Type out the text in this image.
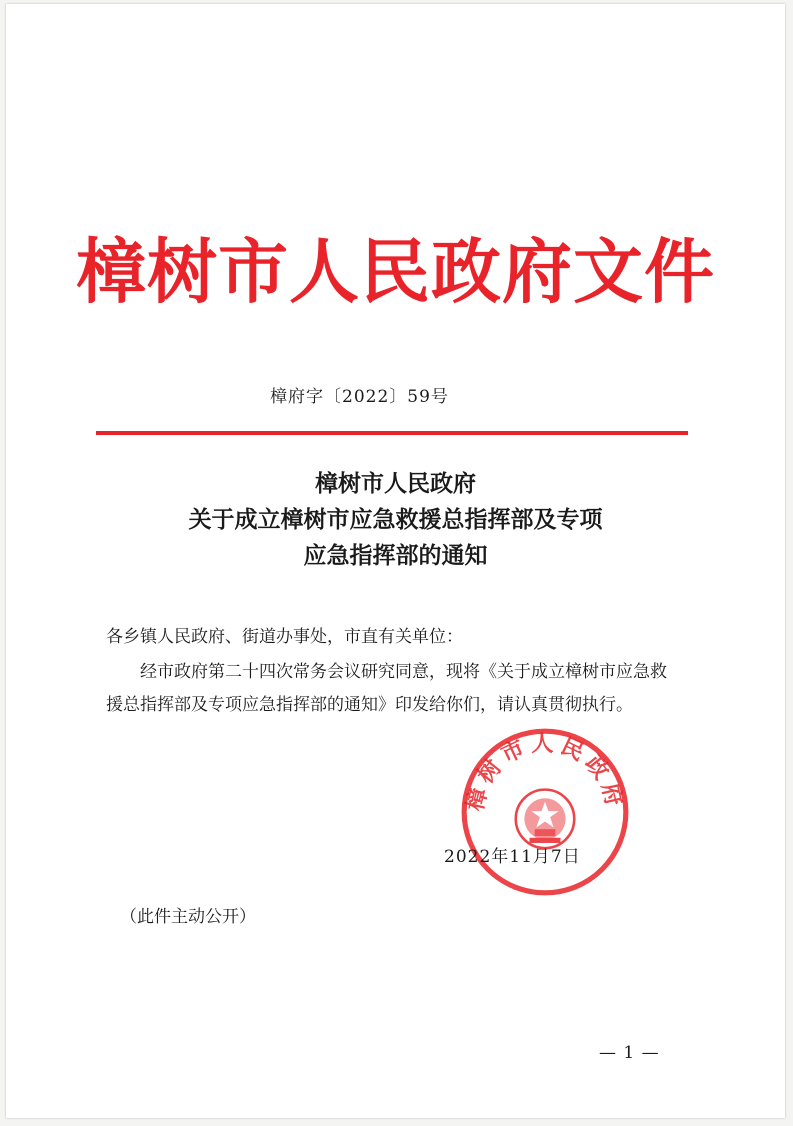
樟树市人民政府文件
樟府字〔2022〕59号
樟树市人民政府
关于成立樟树市应急救援总指挥部及专项
应急指挥部的通知
各乡镇人民政府、街道办事处，市直有关单位：
经市政府第二十四次常务会议研究同意，现将《关于成立樟树市应急救援总指挥部及专项应急指挥部的通知》印发给你们，请认真贯彻执行。
樟树市人民政府
2022年11月7日
（此件主动公开）
— 1 —
